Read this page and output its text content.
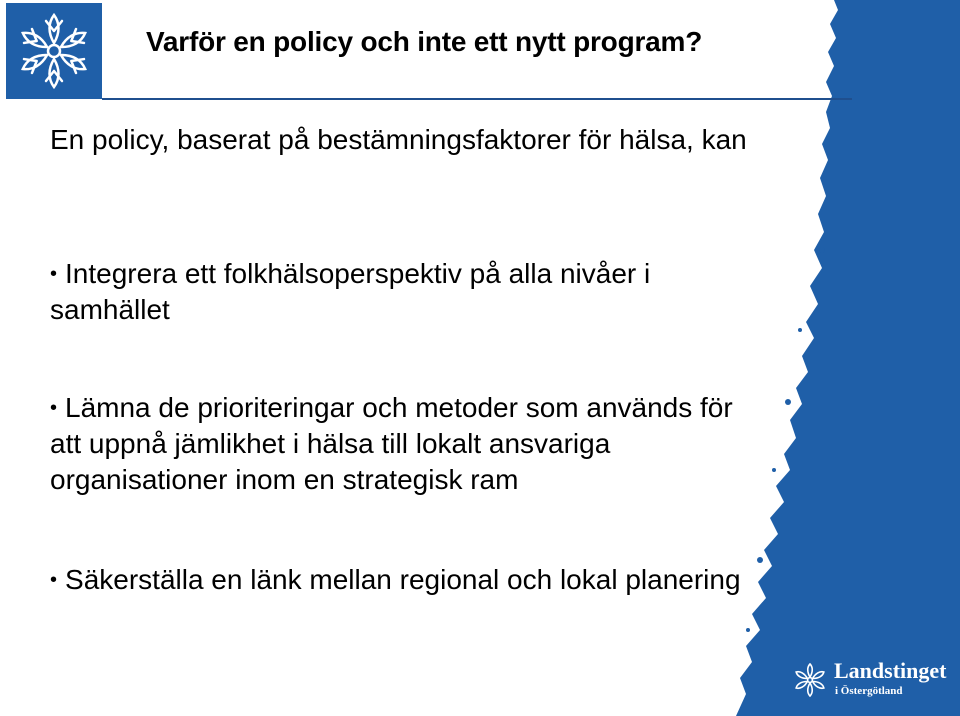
Varför en policy och inte ett nytt program?

En policy, baserat på bestämningsfaktorer för hälsa, kan

• Integrera ett folkhälsoperspektiv på alla nivåer i samhället

• Lämna de prioriteringar och metoder som används för att uppnå jämlikhet i hälsa till lokalt ansvariga organisationer inom en strategisk ram

• Säkerställa en länk mellan regional och lokal planering

Landstinget
i Östergötland
